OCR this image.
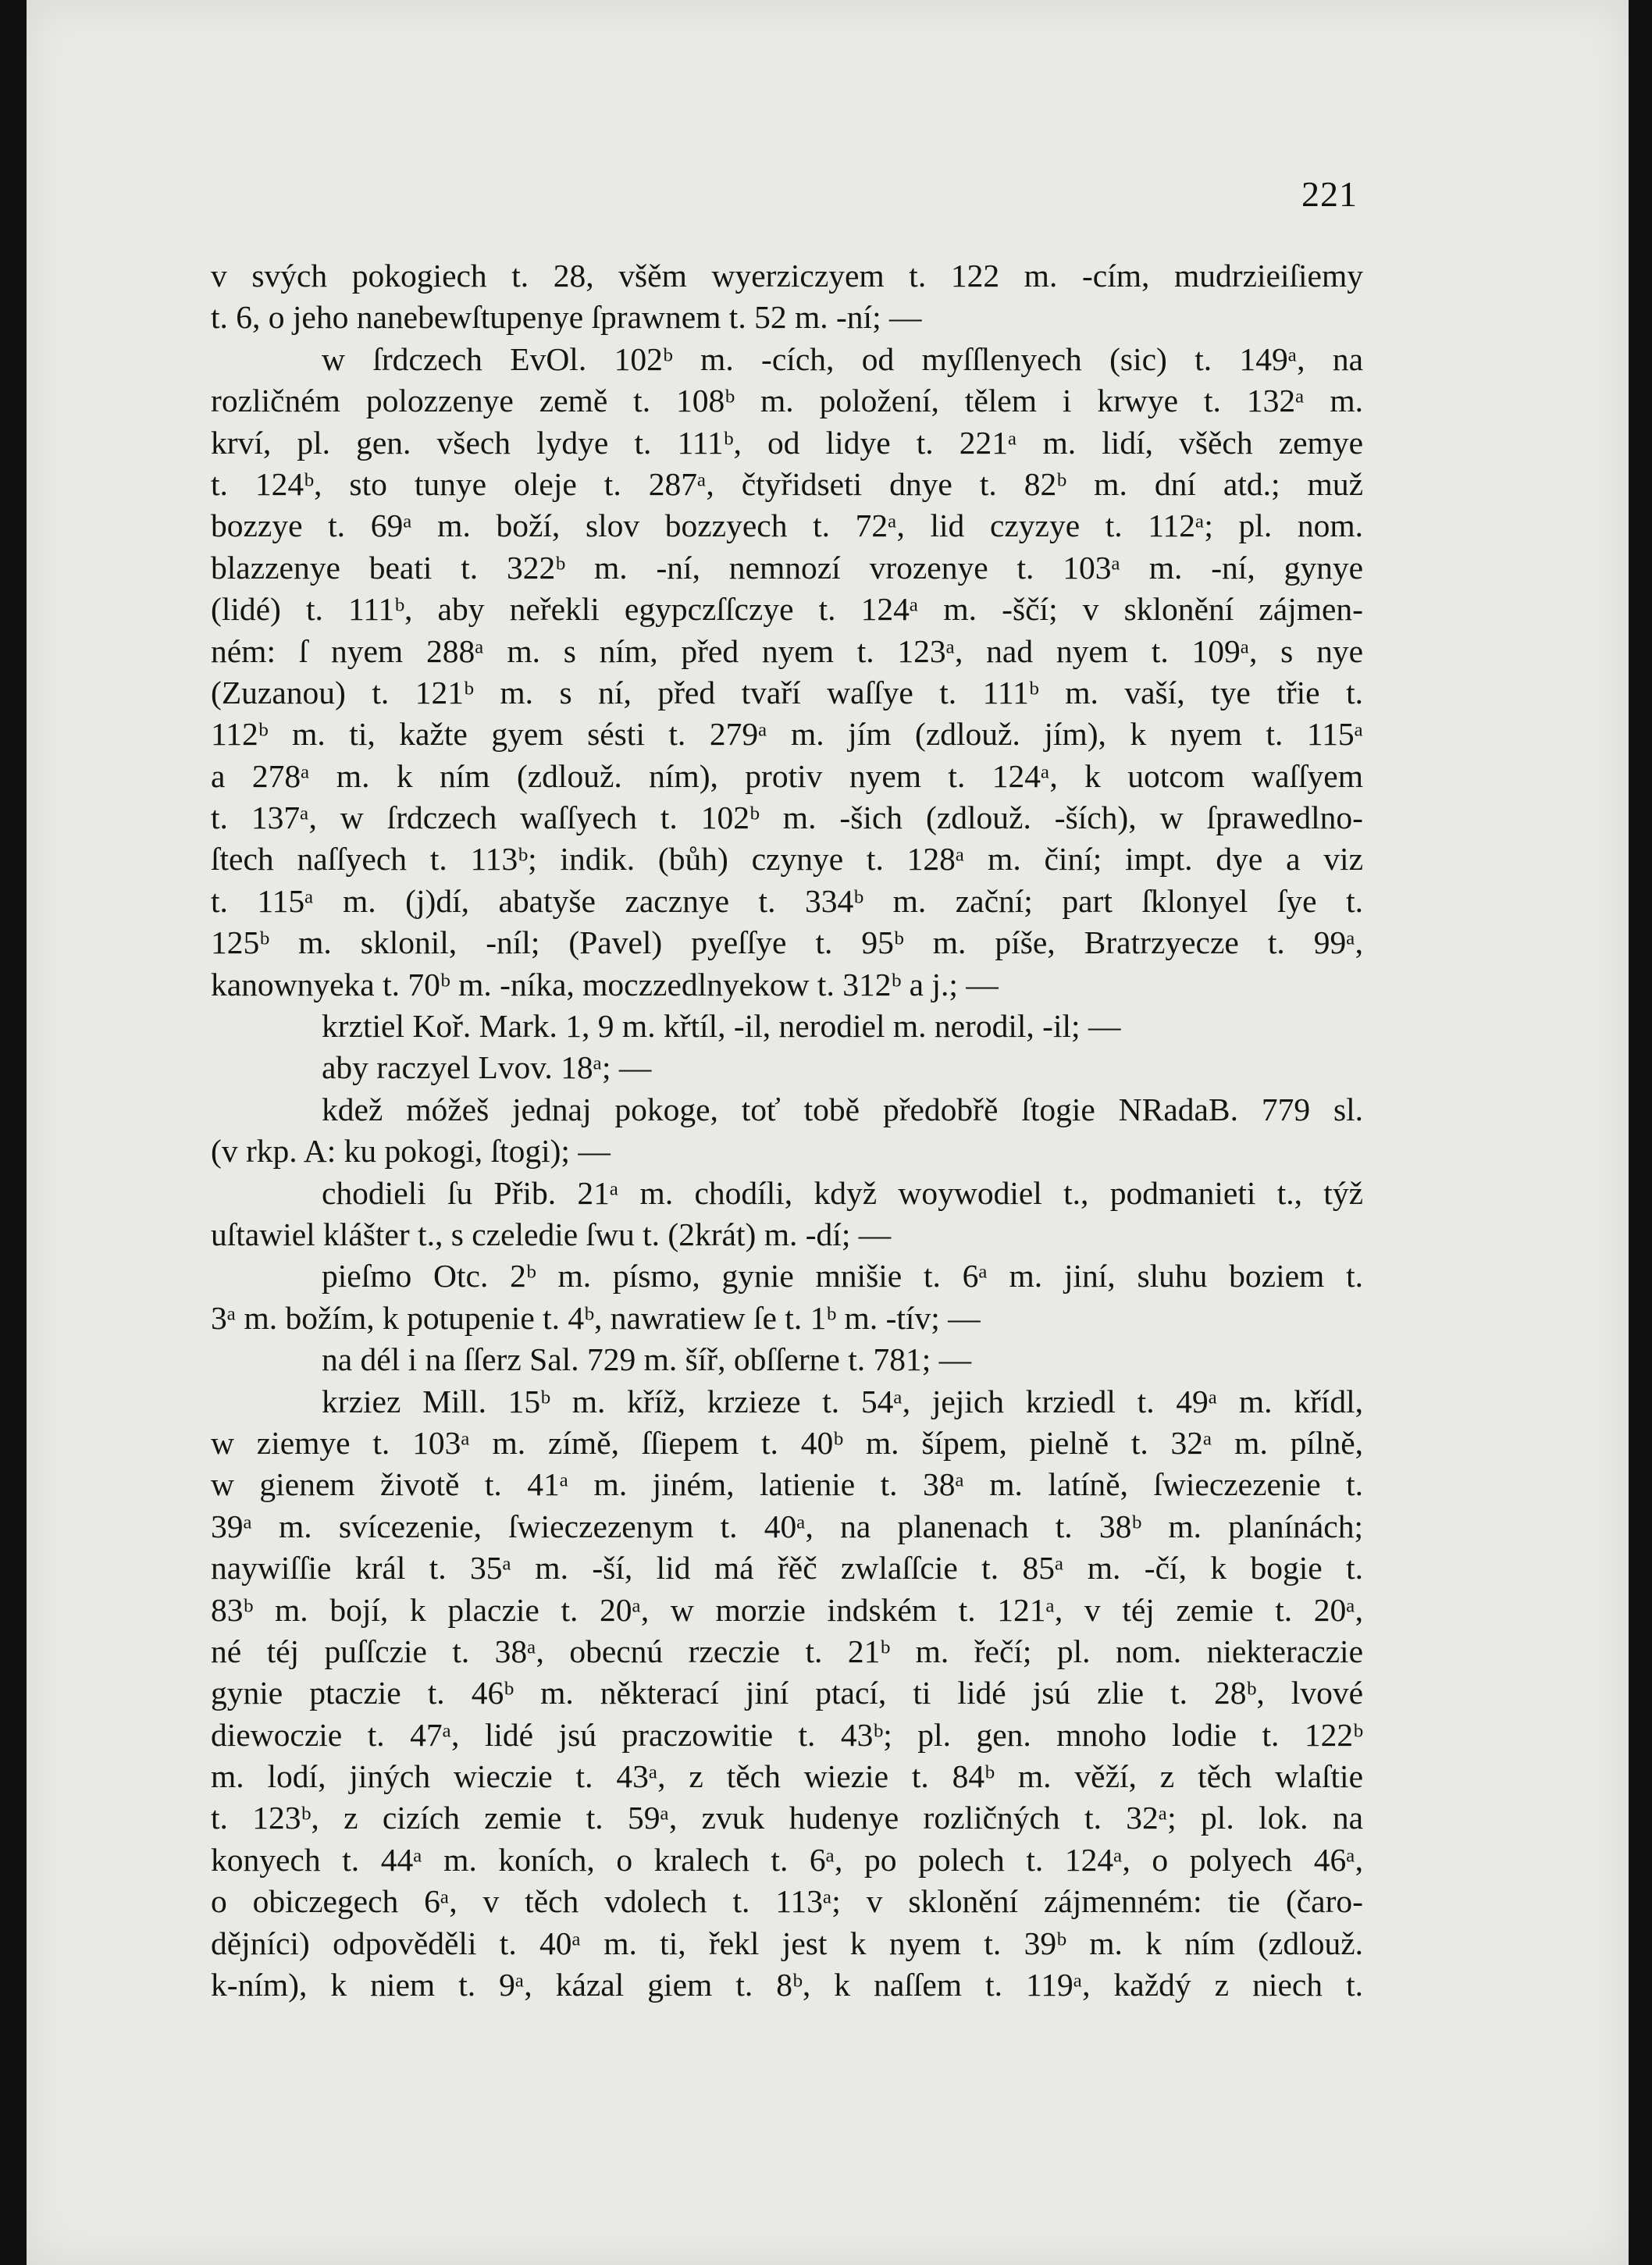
221
v svých pokogiech t. 28, všěm wyerziczyem t. 122 m. -cím, mudrzieiſiemy
t. 6, o jeho nanebewſtupenye ſprawnem t. 52 m. -ní; —
w ſrdczech EvOl. 102ᵇ m. -cích, od myſſlenyech (sic) t. 149ᵃ, na
rozličném polozzenye země t. 108ᵇ m. položení, tělem i krwye t. 132ᵃ m.
krví, pl. gen. všech lydye t. 111ᵇ, od lidye t. 221ᵃ m. lidí, všěch zemye
t. 124ᵇ, sto tunye oleje t. 287ᵃ, čtyřidseti dnye t. 82ᵇ m. dní atd.; muž
bozzye t. 69ᵃ m. boží, slov bozzyech t. 72ᵃ, lid czyzye t. 112ᵃ; pl. nom.
blazzenye beati t. 322ᵇ m. -ní, nemnozí vrozenye t. 103ᵃ m. -ní, gynye
(lidé) t. 111ᵇ, aby neřekli egypczſſczye t. 124ᵃ m. -ščí; v sklonění zájmen-
ném: ſ nyem 288ᵃ m. s ním, před nyem t. 123ᵃ, nad nyem t. 109ᵃ, s nye
(Zuzanou) t. 121ᵇ m. s ní, před tvaří waſſye t. 111ᵇ m. vaší, tye třie t.
112ᵇ m. ti, kažte gyem sésti t. 279ᵃ m. jím (zdlouž. jím), k nyem t. 115ᵃ
a 278ᵃ m. k ním (zdlouž. ním), protiv nyem t. 124ᵃ, k uotcom waſſyem
t. 137ᵃ, w ſrdczech waſſyech t. 102ᵇ m. -šich (zdlouž. -ších), w ſprawedlno-
ſtech naſſyech t. 113ᵇ; indik. (bůh) czynye t. 128ᵃ m. činí; impt. dye a viz
t. 115ᵃ m. (j)dí, abatyše zacznye t. 334ᵇ m. zační; part ſklonyel ſye t.
125ᵇ m. sklonil, -níl; (Pavel) pyeſſye t. 95ᵇ m. píše, Bratrzyecze t. 99ᵃ,
kanownyeka t. 70ᵇ m. -níka, moczzedlnyekow t. 312ᵇ a j.; —
krztiel Koř. Mark. 1, 9 m. křtíl, -il, nerodiel m. nerodil, -il; —
aby raczyel Lvov. 18ᵃ; —
kdež móžeš jednaj pokoge, toť tobě předobřě ſtogie NRadaB. 779 sl.
(v rkp. A: ku pokogi, ſtogi); —
chodieli ſu Přib. 21ᵃ m. chodíli, když woywodiel t., podmanieti t., týž
uſtawiel klášter t., s czeledie ſwu t. (2krát) m. -dí; —
pieſmo Otc. 2ᵇ m. písmo, gynie mnišie t. 6ᵃ m. jiní, sluhu boziem t.
3ᵃ m. božím, k potupenie t. 4ᵇ, nawratiew ſe t. 1ᵇ m. -tív; —
na dél i na ſſerz Sal. 729 m. šíř, obſſerne t. 781; —
krziez Mill. 15ᵇ m. kříž, krzieze t. 54ᵃ, jejich krziedl t. 49ᵃ m. křídl,
w ziemye t. 103ᵃ m. zímě, ſſiepem t. 40ᵇ m. šípem, pielně t. 32ᵃ m. pílně,
w gienem životě t. 41ᵃ m. jiném, latienie t. 38ᵃ m. latíně, ſwieczezenie t.
39ᵃ m. svícezenie, ſwieczezenym t. 40ᵃ, na planenach t. 38ᵇ m. planínách;
naywiſſie král t. 35ᵃ m. -ší, lid má řěč zwlaſſcie t. 85ᵃ m. -čí, k bogie t.
83ᵇ m. bojí, k placzie t. 20ᵃ, w morzie indském t. 121ᵃ, v téj zemie t. 20ᵃ,
né téj puſſczie t. 38ᵃ, obecnú rzeczie t. 21ᵇ m. řečí; pl. nom. niekteraczie
gynie ptaczie t. 46ᵇ m. některací jiní ptací, ti lidé jsú zlie t. 28ᵇ, lvové
diewoczie t. 47ᵃ, lidé jsú praczowitie t. 43ᵇ; pl. gen. mnoho lodie t. 122ᵇ
m. lodí, jiných wieczie t. 43ᵃ, z těch wiezie t. 84ᵇ m. věží, z těch wlaſtie
t. 123ᵇ, z cizích zemie t. 59ᵃ, zvuk hudenye rozličných t. 32ᵃ; pl. lok. na
konyech t. 44ᵃ m. koních, o kralech t. 6ᵃ, po polech t. 124ᵃ, o polyech 46ᵃ,
o obiczegech 6ᵃ, v těch vdolech t. 113ᵃ; v sklonění zájmenném: tie (čaro-
dějníci) odpověděli t. 40ᵃ m. ti, řekl jest k nyem t. 39ᵇ m. k ním (zdlouž.
k-ním), k niem t. 9ᵃ, kázal giem t. 8ᵇ, k naſſem t. 119ᵃ, každý z niech t.
